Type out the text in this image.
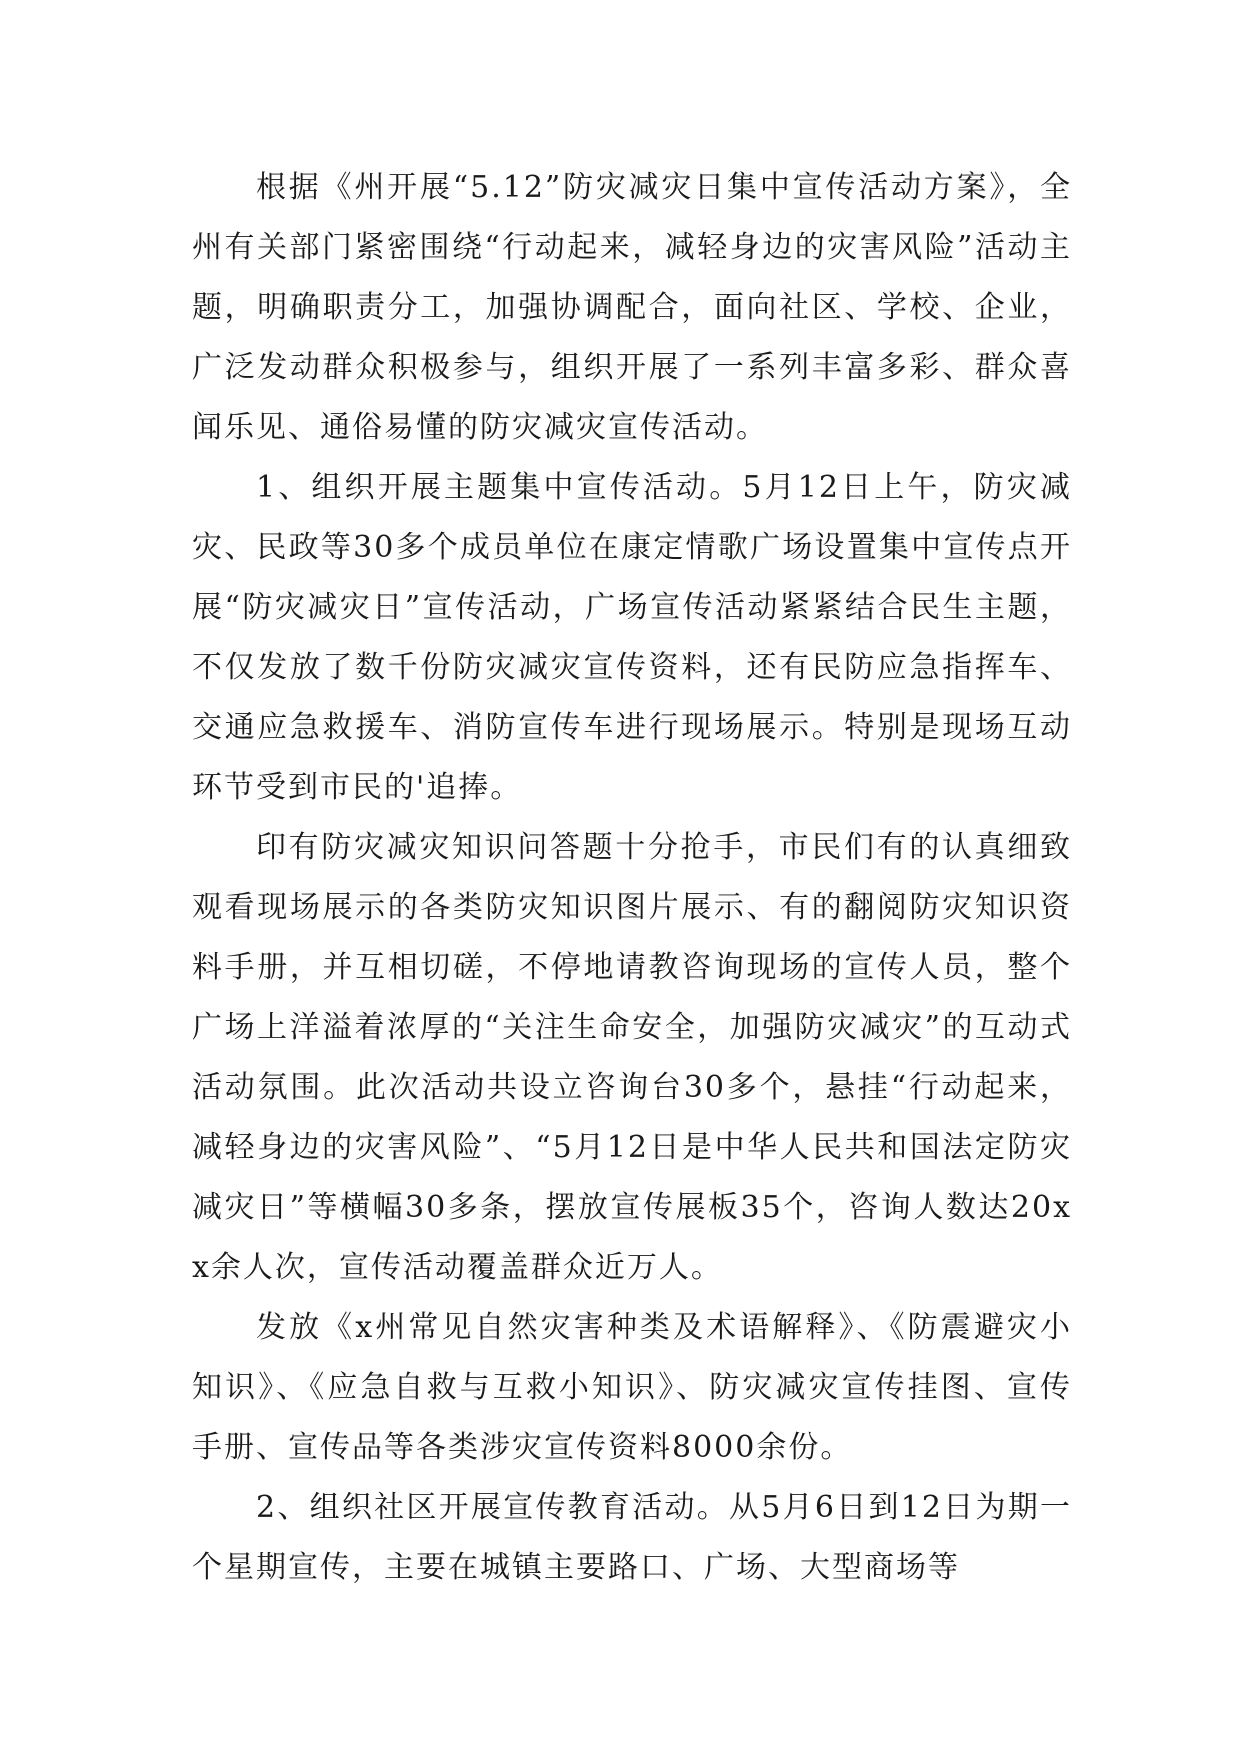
根据《州开展“5.12”防灾减灾日集中宣传活动方案》，全州有关部门紧密围绕“行动起来，减轻身边的灾害风险”活动主题，明确职责分工，加强协调配合，面向社区、学校、企业，广泛发动群众积极参与，组织开展了一系列丰富多彩、群众喜闻乐见、通俗易懂的防灾减灾宣传活动。

1、组织开展主题集中宣传活动。5月12日上午，防灾减灾、民政等30多个成员单位在康定情歌广场设置集中宣传点开展“防灾减灾日”宣传活动，广场宣传活动紧紧结合民生主题，不仅发放了数千份防灾减灾宣传资料，还有民防应急指挥车、交通应急救援车、消防宣传车进行现场展示。特别是现场互动环节受到市民的'追捧。

印有防灾减灾知识问答题十分抢手，市民们有的认真细致观看现场展示的各类防灾知识图片展示、有的翻阅防灾知识资料手册，并互相切磋，不停地请教咨询现场的宣传人员，整个广场上洋溢着浓厚的“关注生命安全，加强防灾减灾”的互动式活动氛围。此次活动共设立咨询台30多个，悬挂“行动起来，减轻身边的灾害风险”、“5月12日是中华人民共和国法定防灾减灾日”等横幅30多条，摆放宣传展板35个，咨询人数达20xx余人次，宣传活动覆盖群众近万人。

发放《x州常见自然灾害种类及术语解释》、《防震避灾小知识》、《应急自救与互救小知识》、防灾减灾宣传挂图、宣传手册、宣传品等各类涉灾宣传资料8000余份。

2、组织社区开展宣传教育活动。从5月6日到12日为期一个星期宣传，主要在城镇主要路口、广场、大型商场等
